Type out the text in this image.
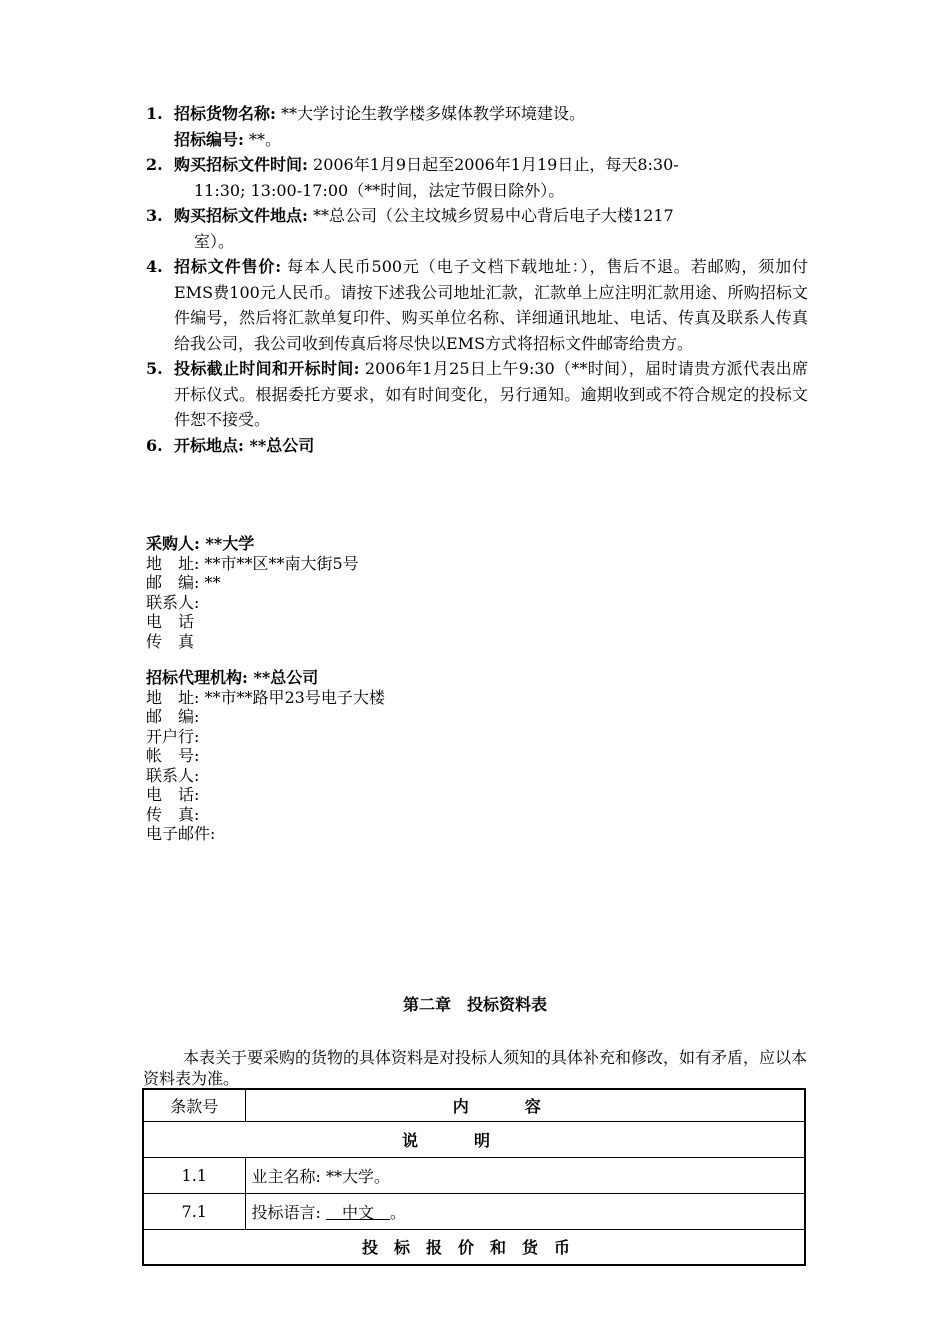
1. 招标货物名称: **大学讨论生教学楼多媒体教学环境建设。
招标编号: **。
2. 购买招标文件时间: 2006年1月9日起至2006年1月19日止，每天8:30-
11:30; 13:00-17:00（**时间，法定节假日除外）。
3. 购买招标文件地点: **总公司（公主坟城乡贸易中心背后电子大楼1217
室）。
4. 招标文件售价: 每本人民币500元（电子文档下载地址：），售后不退。若邮购，须加付EMS费100元人民币。请按下述我公司地址汇款，汇款单上应注明汇款用途、所购招标文件编号，然后将汇款单复印件、购买单位名称、详细通讯地址、电话、传真及联系人传真给我公司，我公司收到传真后将尽快以EMS方式将招标文件邮寄给贵方。
5. 投标截止时间和开标时间: 2006年1月25日上午9:30（**时间），届时请贵方派代表出席开标仪式。根据委托方要求，如有时间变化，另行通知。逾期收到或不符合规定的投标文件恕不接受。
6. 开标地点: **总公司
采购人: **大学
地　址: **市**区**南大街5号
邮　编: **
联系人:
电　话
传　真
招标代理机构: **总公司
地　址: **市**路甲23号电子大楼
邮　编:
开户行:
帐　号:
联系人:
电　话:
传　真:
电子邮件:
第二章　投标资料表
本表关于要采购的货物的具体资料是对投标人须知的具体补充和修改，如有矛盾，应以本资料表为准。
条款号	内容
说明	
1.1	业主名称: **大学。
7.1	投标语言: 　中文　。
投标报价和货币	
